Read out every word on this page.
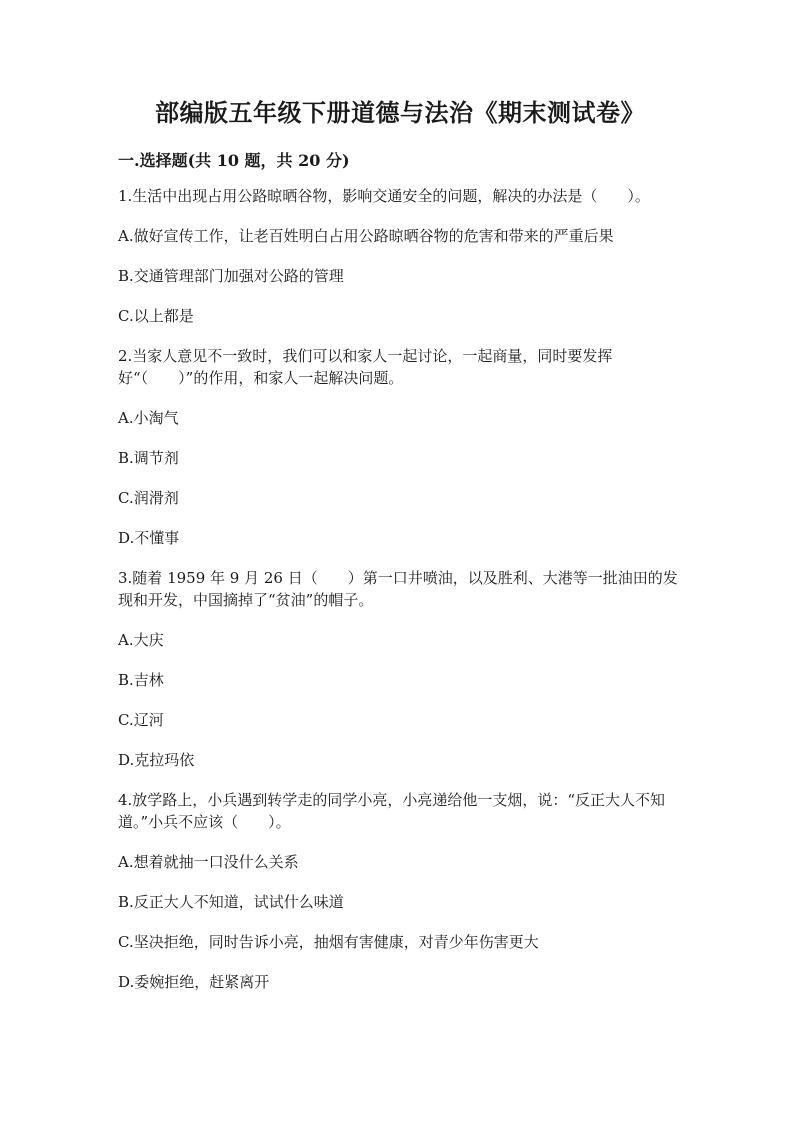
部编版五年级下册道德与法治《期末测试卷》
一.选择题(共 10 题，共 20 分)

1.生活中出现占用公路晾晒谷物，影响交通安全的问题，解决的办法是（　　）。

A.做好宣传工作，让老百姓明白占用公路晾晒谷物的危害和带来的严重后果

B.交通管理部门加强对公路的管理

C.以上都是

2.当家人意见不一致时，我们可以和家人一起讨论，一起商量，同时要发挥好“（　　）”的作用，和家人一起解决问题。

A.小淘气

B.调节剂

C.润滑剂

D.不懂事

3.随着 1959 年 9 月 26 日（　　）第一口井喷油，以及胜利、大港等一批油田的发现和开发，中国摘掉了“贫油”的帽子。

A.大庆

B.吉林

C.辽河

D.克拉玛依

4.放学路上，小兵遇到转学走的同学小亮，小亮递给他一支烟，说：“反正大人不知道。”小兵不应该（　　）。

A.想着就抽一口没什么关系

B.反正大人不知道，试试什么味道

C.坚决拒绝，同时告诉小亮，抽烟有害健康，对青少年伤害更大

D.委婉拒绝，赶紧离开
